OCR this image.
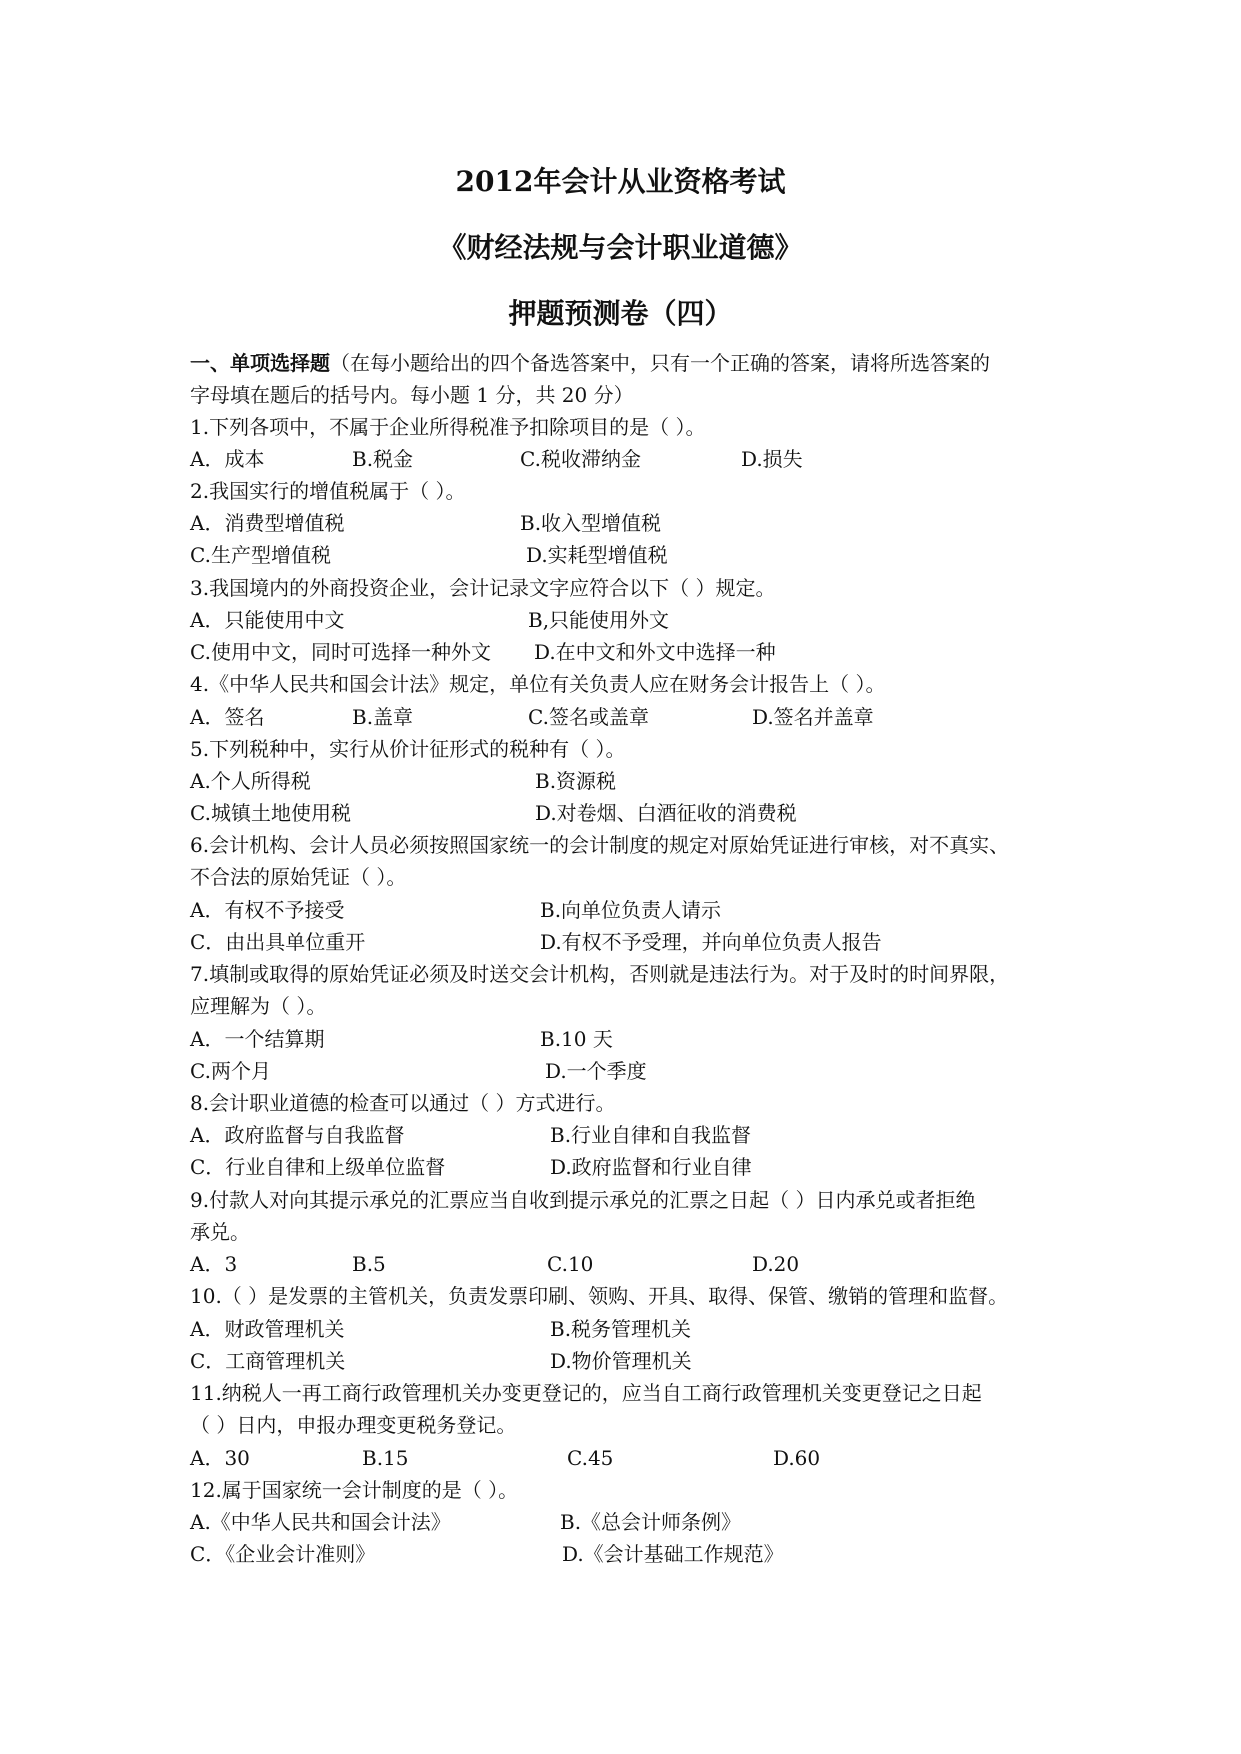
2012年会计从业资格考试
《财经法规与会计职业道德》
押题预测卷（四）
一、单项选择题（在每小题给出的四个备选答案中，只有一个正确的答案，请将所选答案的
字母填在题后的括号内。每小题 1 分，共 20 分）
1.下列各项中，不属于企业所得税准予扣除项目的是（ ）。
A．成本	B.税金	C.税收滞纳金	D.损失
2.我国实行的增值税属于（ ）。
A．消费型增值税	B.收入型增值税
C.生产型增值税	D.实耗型增值税
3.我国境内的外商投资企业，会计记录文字应符合以下（ ）规定。
A．只能使用中文	B,只能使用外文
C.使用中文，同时可选择一种外文 D.在中文和外文中选择一种
4.《中华人民共和国会计法》规定，单位有关负责人应在财务会计报告上（ ）。
A．签名	B.盖章	C.签名或盖章	D.签名并盖章
5.下列税种中，实行从价计征形式的税种有（ ）。
A.个人所得税	B.资源税
C.城镇土地使用税	D.对卷烟、白酒征收的消费税
6.会计机构、会计人员必须按照国家统一的会计制度的规定对原始凭证进行审核，对不真实、
不合法的原始凭证（ ）。
A．有权不予接受	B.向单位负责人请示
C．由出具单位重开	D.有权不予受理，并向单位负责人报告
7.填制或取得的原始凭证必须及时送交会计机构，否则就是违法行为。对于及时的时间界限，
应理解为（ ）。
A．一个结算期	B.10 天
C.两个月	D.一个季度
8.会计职业道德的检查可以通过（ ）方式进行。
A．政府监督与自我监督	B.行业自律和自我监督
C．行业自律和上级单位监督	D.政府监督和行业自律
9.付款人对向其提示承兑的汇票应当自收到提示承兑的汇票之日起（ ）日内承兑或者拒绝
承兑。
A．3	B.5	C.10	D.20
10.（ ）是发票的主管机关，负责发票印刷、领购、开具、取得、保管、缴销的管理和监督。
A．财政管理机关	B.税务管理机关
C．工商管理机关	D.物价管理机关
11.纳税人一再工商行政管理机关办变更登记的，应当自工商行政管理机关变更登记之日起
（ ）日内，申报办理变更税务登记。
A．30	B.15	C.45	D.60
12.属于国家统一会计制度的是（ ）。
A.《中华人民共和国会计法》	B.《总会计师条例》
C．《企业会计准则》	D.《会计基础工作规范》
